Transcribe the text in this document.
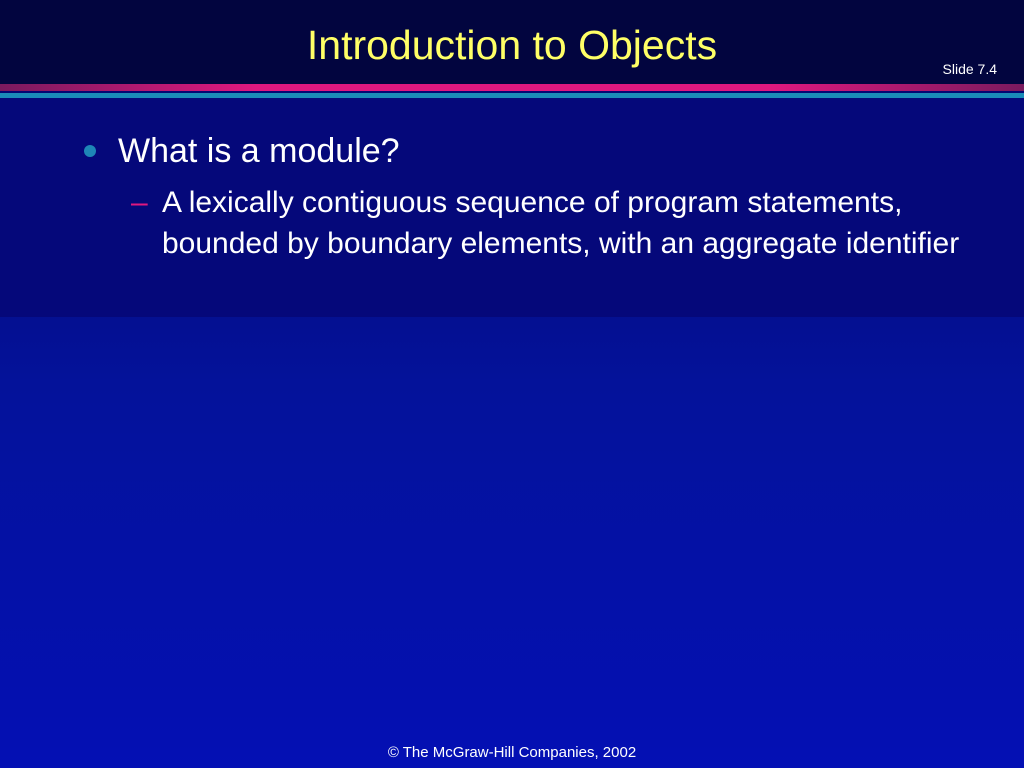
Introduction to Objects
Slide 7.4
What is a module?
– A lexically contiguous sequence of program statements, bounded by boundary elements, with an aggregate identifier
© The McGraw-Hill Companies, 2002
